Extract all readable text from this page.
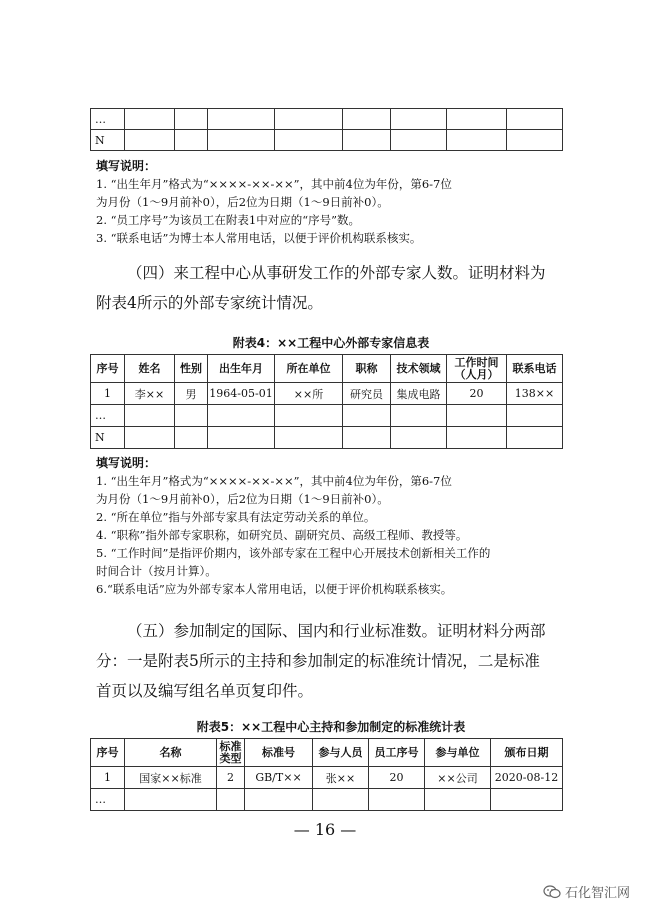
…								
N								
填写说明：
1. “出生年月”格式为“××××-××-××”，其中前4位为年份，第6-7位
为月份（1～9月前补0），后2位为日期（1～9日前补0）。
2. “员工序号”为该员工在附表1中对应的“序号”数。
3. “联系电话”为博士本人常用电话，以便于评价机构联系核实。
（四）来工程中心从事研发工作的外部专家人数。证明材料为
附表4所示的外部专家统计情况。
附表4：××工程中心外部专家信息表
序号	姓名	性别	出生年月	所在单位	职称	技术领域	工作时间（人月）	联系电话
1	李××	男	1964-05-01	××所	研究员	集成电路	20	138××
…								
N								
填写说明：
1. “出生年月”格式为“××××-××-××”，其中前4位为年份，第6-7位
为月份（1～9月前补0），后2位为日期（1～9日前补0）。
2. “所在单位”指与外部专家具有法定劳动关系的单位。
4. “职称”指外部专家职称，如研究员、副研究员、高级工程师、教授等。
5. “工作时间”是指评价期内，该外部专家在工程中心开展技术创新相关工作的
时间合计（按月计算）。
6.“联系电话”应为外部专家本人常用电话，以便于评价机构联系核实。
（五）参加制定的国际、国内和行业标准数。证明材料分两部
分：一是附表5所示的主持和参加制定的标准统计情况，二是标准
首页以及编写组名单页复印件。
附表5：××工程中心主持和参加制定的标准统计表
序号	名称	标准类型	标准号	参与人员	员工序号	参与单位	颁布日期
1	国家××标准	2	GB/T××	张××	20	××公司	2020-08-12
…							
— 16 —
石化智汇网
